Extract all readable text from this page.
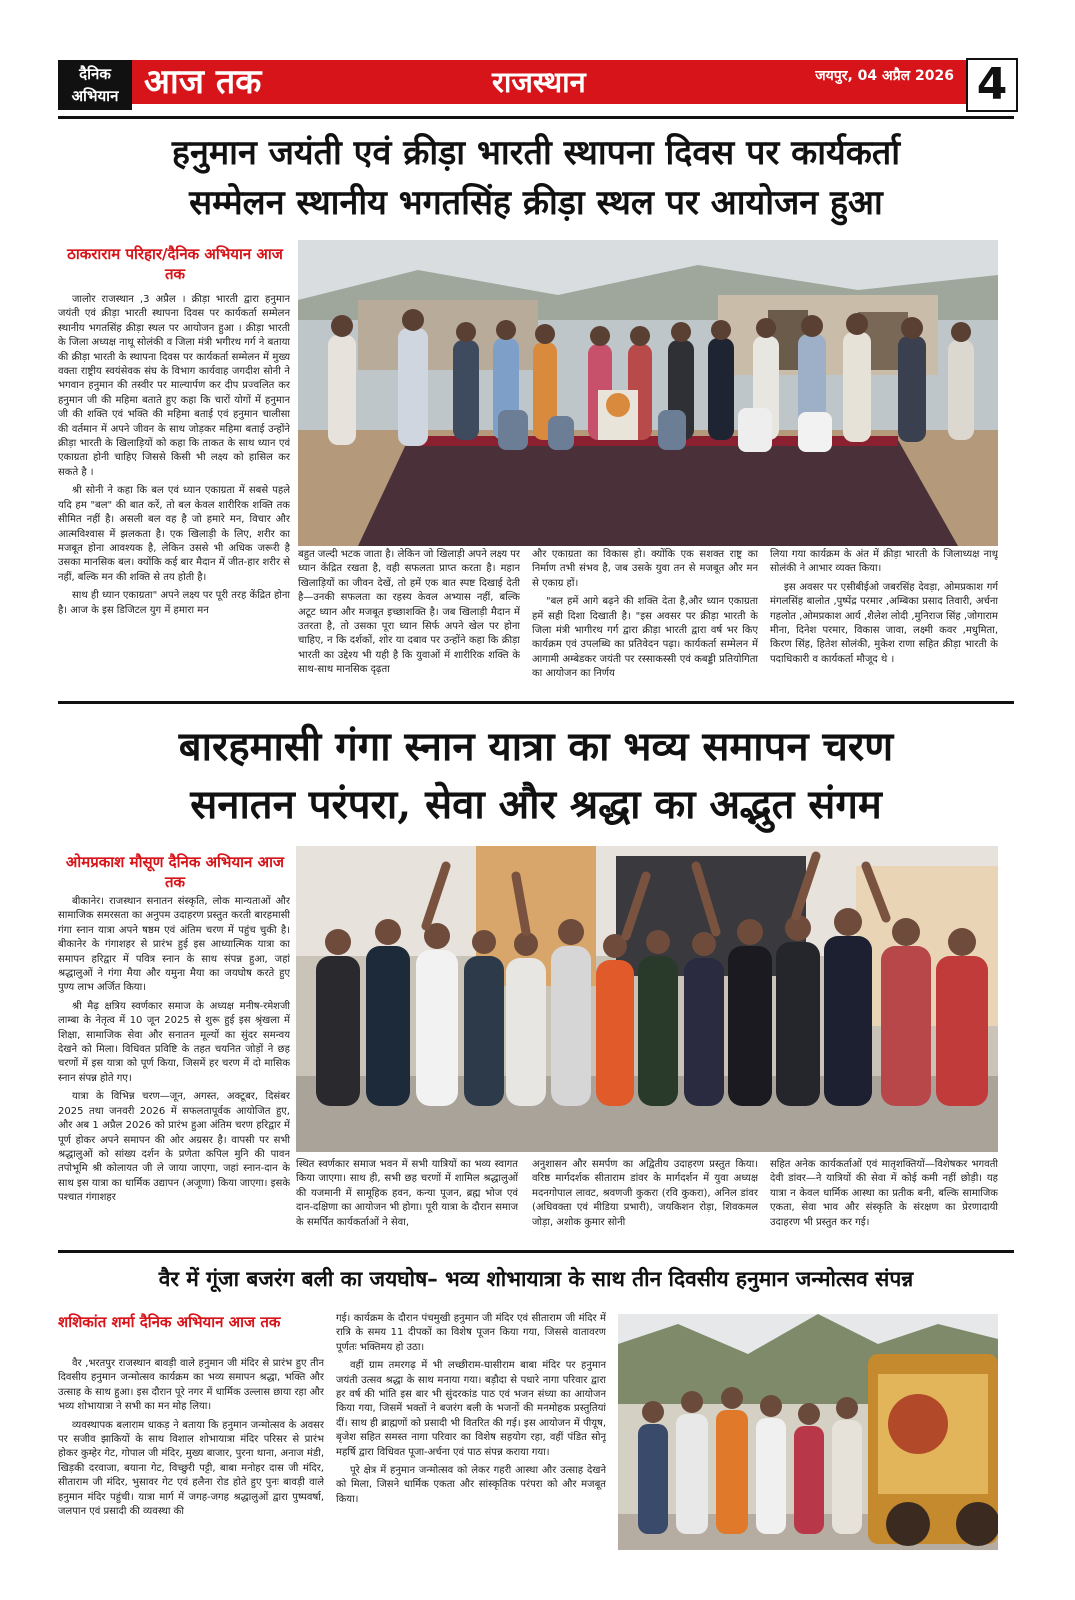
दैनिक
अभियान आज तक	राजस्थान	जयपुर, 04 अप्रैल 2026 4
हनुमान जयंती एवं क्रीड़ा भारती स्थापना दिवस पर कार्यकर्ता
सम्मेलन स्थानीय भगतसिंह क्रीड़ा स्थल पर आयोजन हुआ
ठाकराराम परिहार/दैनिक अभियान आज तक

जालोर राजस्थान ,3 अप्रैल । क्रीड़ा भारती द्वारा हनुमान जयंती एवं क्रीड़ा भारती स्थापना दिवस पर कार्यकर्ता सम्मेलन स्थानीय भगतसिंह क्रीड़ा स्थल पर आयोजन हुआ । क्रीड़ा भारती के जिला अध्यक्ष नाथू सोलंकी व जिला मंत्री भगीरथ गर्ग ने बताया की क्रीड़ा भारती के स्थापना दिवस पर कार्यकर्ता सम्मेलन में मुख्य वक्ता राष्ट्रीय स्वयंसेवक संघ के विभाग कार्यवाह जगदीश सोनी ने भगवान हनुमान की तस्वीर पर माल्यार्पण कर दीप प्रज्वलित कर हनुमान जी की महिमा बताते हुए कहा कि चारों योगों में हनुमान जी की शक्ति एवं भक्ति की महिमा बताई एवं हनुमान चालीसा की वर्तमान में अपने जीवन के साथ जोड़कर महिमा बताई उन्होंने क्रीड़ा भारती के खिलाड़ियों को कहा कि ताकत के साथ ध्यान एवं एकाग्रता होनी चाहिए जिससे किसी भी लक्ष्य को हासिल कर सकते है ।

श्री सोनी ने कहा कि बल एवं ध्यान एकाग्रता में सबसे पहले यदि हम "बल" की बात करें, तो बल केवल शारीरिक शक्ति तक सीमित नहीं है। असली बल वह है जो हमारे मन, विचार और आत्मविश्वास में झलकता है। एक खिलाड़ी के लिए, शरीर का मजबूत होना आवश्यक है, लेकिन उससे भी अधिक जरूरी है उसका मानसिक बल। क्योंकि कई बार मैदान में जीत-हार शरीर से नहीं, बल्कि मन की शक्ति से तय होती है।

साथ ही ध्यान एकाग्रता" अपने लक्ष्य पर पूरी तरह केंद्रित होना है। आज के इस डिजिटल युग में हमारा मन

बहुत जल्दी भटक जाता है। लेकिन जो खिलाड़ी अपने लक्ष्य पर ध्यान केंद्रित रखता है, वही सफलता प्राप्त करता है। महान खिलाड़ियों का जीवन देखें, तो हमें एक बात स्पष्ट दिखाई देती है—उनकी सफलता का रहस्य केवल अभ्यास नहीं, बल्कि अटूट ध्यान और मजबूत इच्छाशक्ति है। जब खिलाड़ी मैदान में उतरता है, तो उसका पूरा ध्यान सिर्फ अपने खेल पर होना चाहिए, न कि दर्शकों, शोर या दबाव पर उन्होंने कहा कि क्रीड़ा भारती का उद्देश्य भी यही है कि युवाओं में शारीरिक शक्ति के साथ-साथ मानसिक दृढ़ता

और एकाग्रता का विकास हो। क्योंकि एक सशक्त राष्ट्र का निर्माण तभी संभव है, जब उसके युवा तन से मजबूत और मन से एकाग्र हों।

"बल हमें आगे बढ़ने की शक्ति देता है,और ध्यान एकाग्रता हमें सही दिशा दिखाती है। "इस अवसर पर क्रीड़ा भारती के जिला मंत्री भागीरथ गर्ग द्वारा क्रीड़ा भारती द्वारा वर्ष भर किए कार्यक्रम एवं उपलब्धि का प्रतिवेदन पढ़ा। कार्यकर्ता सम्मेलन में आगामी अम्बेडकर जयंती पर रस्साकस्सी एवं कबड्डी प्रतियोगिता का आयोजन का निर्णय

लिया गया कार्यक्रम के अंत में क्रीड़ा भारती के जिलाध्यक्ष नाथू सोलंकी ने आभार व्यक्त किया।

इस अवसर पर एसीबीईओ जबरसिंह देवड़ा, ओमप्रकाश गर्ग मंगलसिंह बालोत ,पुष्पेंद्र परमार ,अम्बिका प्रसाद तिवारी, अर्चना गहलोत ,ओमप्रकाश आर्य ,शैलेश लोदी ,मुनिराज सिंह ,जोगाराम मीना, दिनेश परमार, विकास जावा, लक्ष्मी कवर ,मधुमिता, किरण सिंह, हितेश सोलंकी, मुकेश राणा सहित क्रीड़ा भारती के पदाधिकारी व कार्यकर्ता मौजूद थे ।

बारहमासी गंगा स्नान यात्रा का भव्य समापन चरण
सनातन परंपरा, सेवा और श्रद्धा का अद्भुत संगम
ओमप्रकाश मौसूण दैनिक अभियान आज तक

बीकानेर। राजस्थान सनातन संस्कृति, लोक मान्यताओं और सामाजिक समरसता का अनुपम उदाहरण प्रस्तुत करती बारहमासी गंगा स्नान यात्रा अपने षष्ठम एवं अंतिम चरण में पहुंच चुकी है। बीकानेर के गंगाशहर से प्रारंभ हुई इस आध्यात्मिक यात्रा का समापन हरिद्वार में पवित्र स्नान के साथ संपन्न हुआ, जहां श्रद्धालुओं ने गंगा मैया और यमुना मैया का जयघोष करते हुए पुण्य लाभ अर्जित किया।

श्री मैढ़ क्षत्रिय स्वर्णकार समाज के अध्यक्ष मनीष-रमेशजी लाम्बा के नेतृत्व में 10 जून 2025 से शुरू हुई इस श्रृंखला में शिक्षा, सामाजिक सेवा और सनातन मूल्यों का सुंदर समन्वय देखने को मिला। विधिवत प्रविष्टि के तहत चयनित जोड़ों ने छह चरणों में इस यात्रा को पूर्ण किया, जिसमें हर चरण में दो मासिक स्नान संपन्न होते गए।

यात्रा के विभिन्न चरण—जून, अगस्त, अक्टूबर, दिसंबर 2025 तथा जनवरी 2026 में सफलतापूर्वक आयोजित हुए, और अब 1 अप्रैल 2026 को प्रारंभ हुआ अंतिम चरण हरिद्वार में पूर्ण होकर अपने समापन की ओर अग्रसर है। वापसी पर सभी श्रद्धालुओं को सांख्य दर्शन के प्रणेता कपिल मुनि की पावन तपोभूमि श्री कोलायत जी ले जाया जाएगा, जहां स्नान-दान के साथ इस यात्रा का धार्मिक उद्यापन (अजूणा) किया जाएगा। इसके पश्चात गंगाशहर

स्थित स्वर्णकार समाज भवन में सभी यात्रियों का भव्य स्वागत किया जाएगा। साथ ही, सभी छह चरणों में शामिल श्रद्धालुओं की यजमानी में सामूहिक हवन, कन्या पूजन, ब्रह्म भोज एवं दान-दक्षिणा का आयोजन भी होगा। पूरी यात्रा के दौरान समाज के समर्पित कार्यकर्ताओं ने सेवा,

अनुशासन और समर्पण का अद्वितीय उदाहरण प्रस्तुत किया। वरिष्ठ मार्गदर्शक सीताराम डांवर के मार्गदर्शन में युवा अध्यक्ष मदनगोपाल लावट, श्रवणजी कुकरा (रवि कुकरा), अनिल डांवर (अधिवक्ता एवं मीडिया प्रभारी), जयकिशन रोड़ा, शिवकमल जोड़ा, अशोक कुमार सोनी

सहित अनेक कार्यकर्ताओं एवं मातृशक्तियों—विशेषकर भगवती देवी डांवर—ने यात्रियों की सेवा में कोई कमी नहीं छोड़ी। यह यात्रा न केवल धार्मिक आस्था का प्रतीक बनी, बल्कि सामाजिक एकता, सेवा भाव और संस्कृति के संरक्षण का प्रेरणादायी उदाहरण भी प्रस्तुत कर गई।

वैर में गूंजा बजरंग बली का जयघोष– भव्य शोभायात्रा के साथ तीन दिवसीय हनुमान जन्मोत्सव संपन्न
शशिकांत शर्मा दैनिक अभियान आज तक

वैर ,भरतपुर राजस्थान बावड़ी वाले हनुमान जी मंदिर से प्रारंभ हुए तीन दिवसीय हनुमान जन्मोत्सव कार्यक्रम का भव्य समापन श्रद्धा, भक्ति और उत्साह के साथ हुआ। इस दौरान पूरे नगर में धार्मिक उल्लास छाया रहा और भव्य शोभायात्रा ने सभी का मन मोह लिया।

व्यवस्थापक बलाराम धाकड़ ने बताया कि हनुमान जन्मोत्सव के अवसर पर सजीव झाकियों के साथ विशाल शोभायात्रा मंदिर परिसर से प्रारंभ होकर कुम्हेर गेट, गोपाल जी मंदिर, मुख्य बाजार, पुरना थाना, अनाज मंडी, खिड़की दरवाजा, बयाना गेट, विच्छुरी पट्टी, बाबा मनोहर दास जी मंदिर, सीताराम जी मंदिर, भुसावर गेट एवं हलैना रोड होते हुए पुनः बावड़ी वाले हनुमान मंदिर पहुंची। यात्रा मार्ग में जगह-जगह श्रद्धालुओं द्वारा पुष्पवर्षा, जलपान एवं प्रसादी की व्यवस्था की

गई। कार्यक्रम के दौरान पंचमुखी हनुमान जी मंदिर एवं सीताराम जी मंदिर में रात्रि के समय 11 दीपकों का विशेष पूजन किया गया, जिससे वातावरण पूर्णतः भक्तिमय हो उठा।

वहीं ग्राम तमरगढ़ में भी लच्छीराम-घासीराम बाबा मंदिर पर हनुमान जयंती उत्सव श्रद्धा के साथ मनाया गया। बड़ौदा से पधारे नागा परिवार द्वारा हर वर्ष की भांति इस बार भी सुंदरकांड पाठ एवं भजन संध्या का आयोजन किया गया, जिसमें भक्तों ने बजरंग बली के भजनों की मनमोहक प्रस्तुतियां दीं। साथ ही ब्राह्मणों को प्रसादी भी वितरित की गई। इस आयोजन में पीयूष, बृजेश सहित समस्त नागा परिवार का विशेष सहयोग रहा, वहीं पंडित सोनू महर्षि द्वारा विधिवत पूजा-अर्चना एवं पाठ संपन्न कराया गया।

पूरे क्षेत्र में हनुमान जन्मोत्सव को लेकर गहरी आस्था और उत्साह देखने को मिला, जिसने धार्मिक एकता और सांस्कृतिक परंपरा को और मजबूत किया।
